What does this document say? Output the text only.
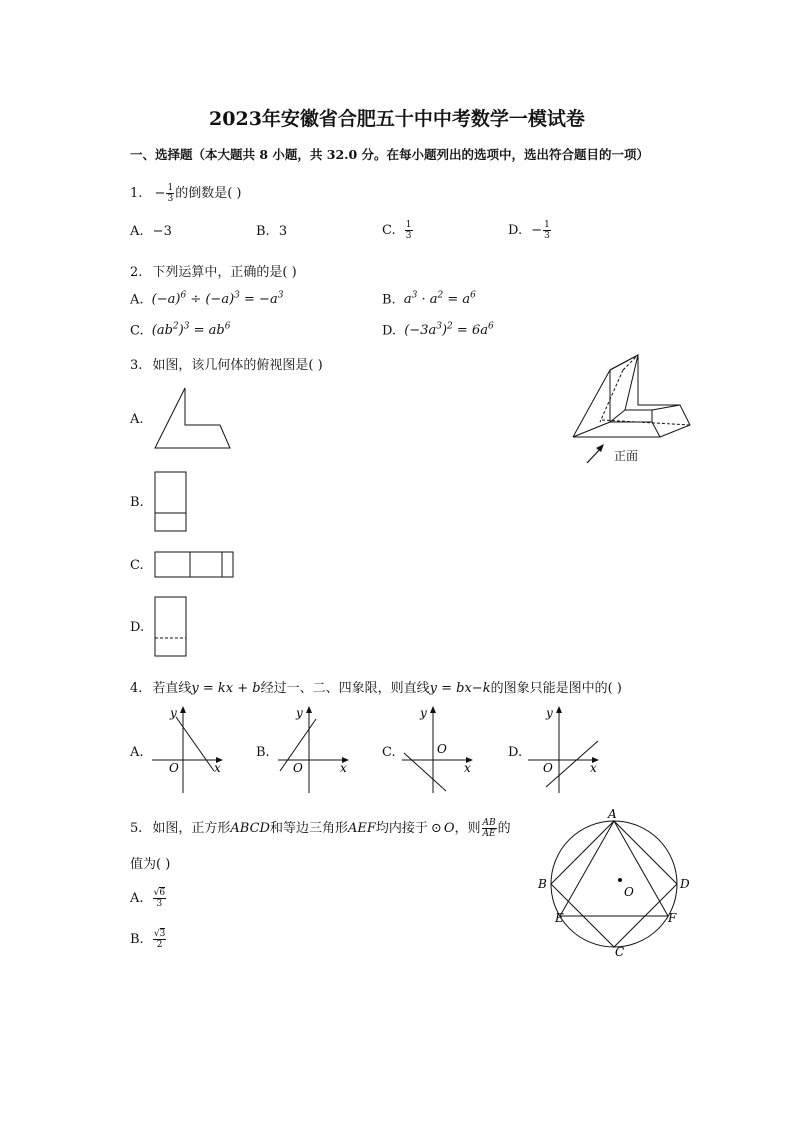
2023年安徽省合肥五十中中考数学一模试卷
一、选择题（本大题共 8 小题，共 32.0 分。在每小题列出的选项中，选出符合题目的一项）
1. − $\frac{1}{3}$ 的倒数是( )
A. −3	B. 3	C. $\frac{1}{3}$	D. − $\frac{1}{3}$
2. 下列运算中，正确的是( )
A. $(-a)^6 \div (-a)^3 = -a^3$	B. $a^3 \cdot a^2 = a^6$
C. $(ab^2)^3 = ab^6$	D. $(-3a^3)^2 = 6a^6$
3. 如图，该几何体的俯视图是( )
正面
A.
B.
C.
D.
4. 若直线y = kx + b经过一、二、四象限，则直线y = bx−k的图象只能是图中的( )
A.	B.	C.	D.
y
x
O
y
x
O
y
x
O
y
x
O
5. 如图，正方形ABCD和等边三角形AEF均内接于 ⊙ O，则 $\frac{AB}{AE}$ 的
值为( )
A. $\frac{√6}{3}$
B. $\frac{√3}{2}$
A
B
C
D
E	F
O
